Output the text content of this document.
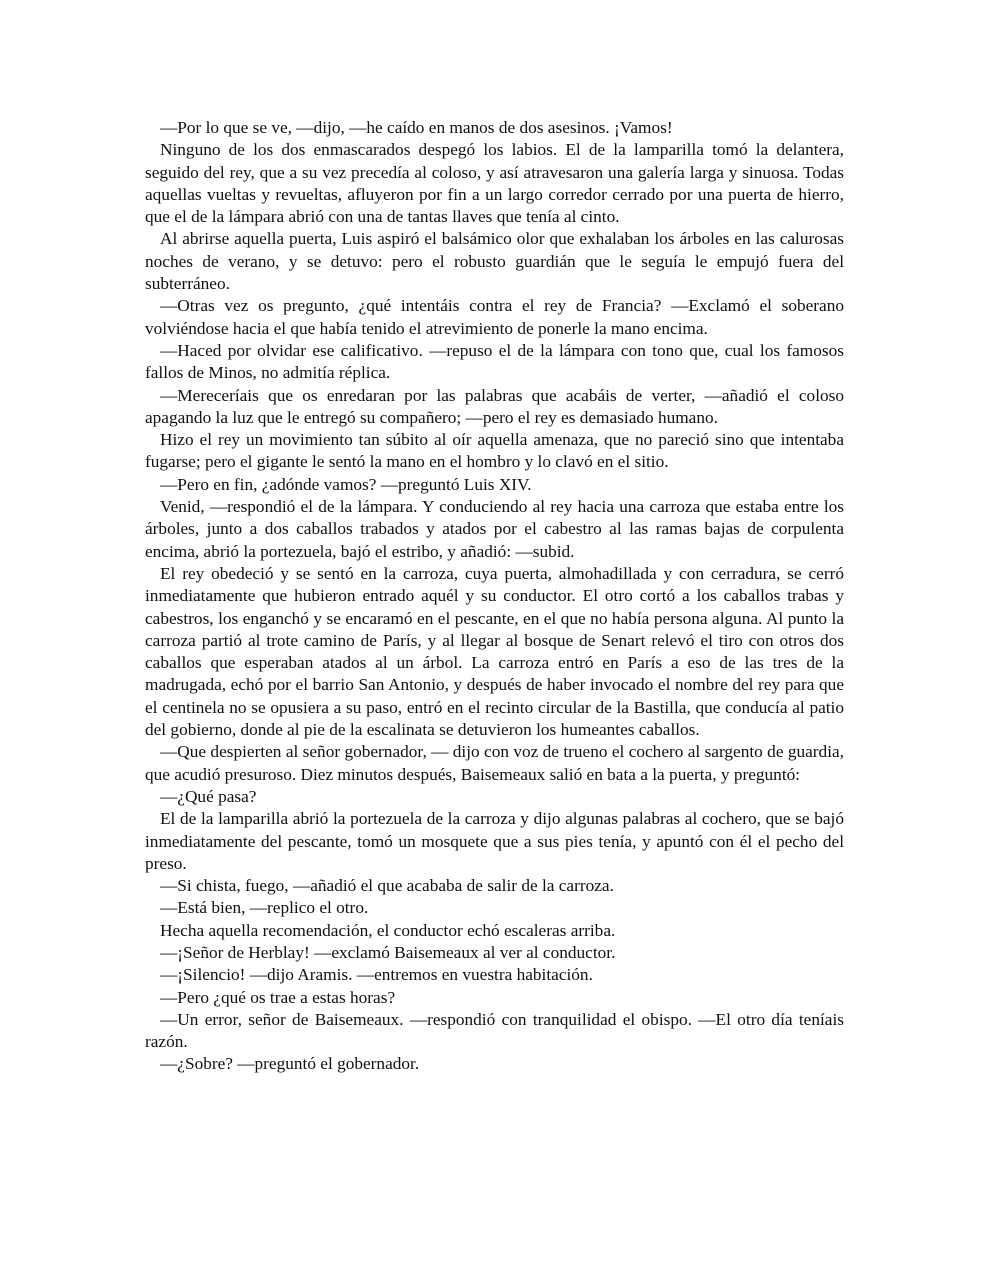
—Por lo que se ve, —dijo, —he caído en manos de dos asesinos. ¡Vamos!

Ninguno de los dos enmascarados despegó los labios. El de la lamparilla tomó la delantera, seguido del rey, que a su vez precedía al coloso, y así atravesaron una galería larga y sinuosa. Todas aquellas vueltas y revueltas, afluyeron por fin a un largo corredor cerrado por una puerta de hierro, que el de la lámpara abrió con una de tantas llaves que tenía al cinto.

Al abrirse aquella puerta, Luis aspiró el balsámico olor que exhalaban los árboles en las calurosas noches de verano, y se detuvo: pero el robusto guardián que le seguía le empujó fuera del subterráneo.

—Otras vez os pregunto, ¿qué intentáis contra el rey de Francia? —Exclamó el soberano volviéndose hacia el que había tenido el atrevimiento de ponerle la mano encima.

—Haced por olvidar ese calificativo. —repuso el de la lámpara con tono que, cual los famosos fallos de Minos, no admitía réplica.

—Mereceríais que os enredaran por las palabras que acabáis de verter, —añadió el coloso apagando la luz que le entregó su compañero; —pero el rey es demasiado humano.

Hizo el rey un movimiento tan súbito al oír aquella amenaza, que no pareció sino que intentaba fugarse; pero el gigante le sentó la mano en el hombro y lo clavó en el sitio.

—Pero en fin, ¿adónde vamos? —preguntó Luis XIV.

Venid, —respondió el de la lámpara. Y conduciendo al rey hacia una carroza que estaba entre los árboles, junto a dos caballos trabados y atados por el cabestro al las ramas bajas de corpulenta encima, abrió la portezuela, bajó el estribo, y añadió: —subid.

El rey obedeció y se sentó en la carroza, cuya puerta, almohadillada y con cerradura, se cerró inmediatamente que hubieron entrado aquél y su conductor. El otro cortó a los caballos trabas y cabestros, los enganchó y se encaramó en el pescante, en el que no había persona alguna. Al punto la carroza partió al trote camino de París, y al llegar al bosque de Senart relevó el tiro con otros dos caballos que esperaban atados al un árbol. La carroza entró en París a eso de las tres de la madrugada, echó por el barrio San Antonio, y después de haber invocado el nombre del rey para que el centinela no se opusiera a su paso, entró en el recinto circular de la Bastilla, que conducía al patio del gobierno, donde al pie de la escalinata se detuvieron los humeantes caballos.

—Que despierten al señor gobernador, — dijo con voz de trueno el cochero al sargento de guardia, que acudió presuroso. Diez minutos después, Baisemeaux salió en bata a la puerta, y preguntó:

—¿Qué pasa?

El de la lamparilla abrió la portezuela de la carroza y dijo algunas palabras al cochero, que se bajó inmediatamente del pescante, tomó un mosquete que a sus pies tenía, y apuntó con él el pecho del preso.

—Si chista, fuego, —añadió el que acababa de salir de la carroza.

—Está bien, —replico el otro.

Hecha aquella recomendación, el conductor echó escaleras arriba.

—¡Señor de Herblay! —exclamó Baisemeaux al ver al conductor.

—¡Silencio! —dijo Aramis. —entremos en vuestra habitación.

—Pero ¿qué os trae a estas horas?

—Un error, señor de Baisemeaux. —respondió con tranquilidad el obispo. —El otro día teníais razón.

—¿Sobre? —preguntó el gobernador.
